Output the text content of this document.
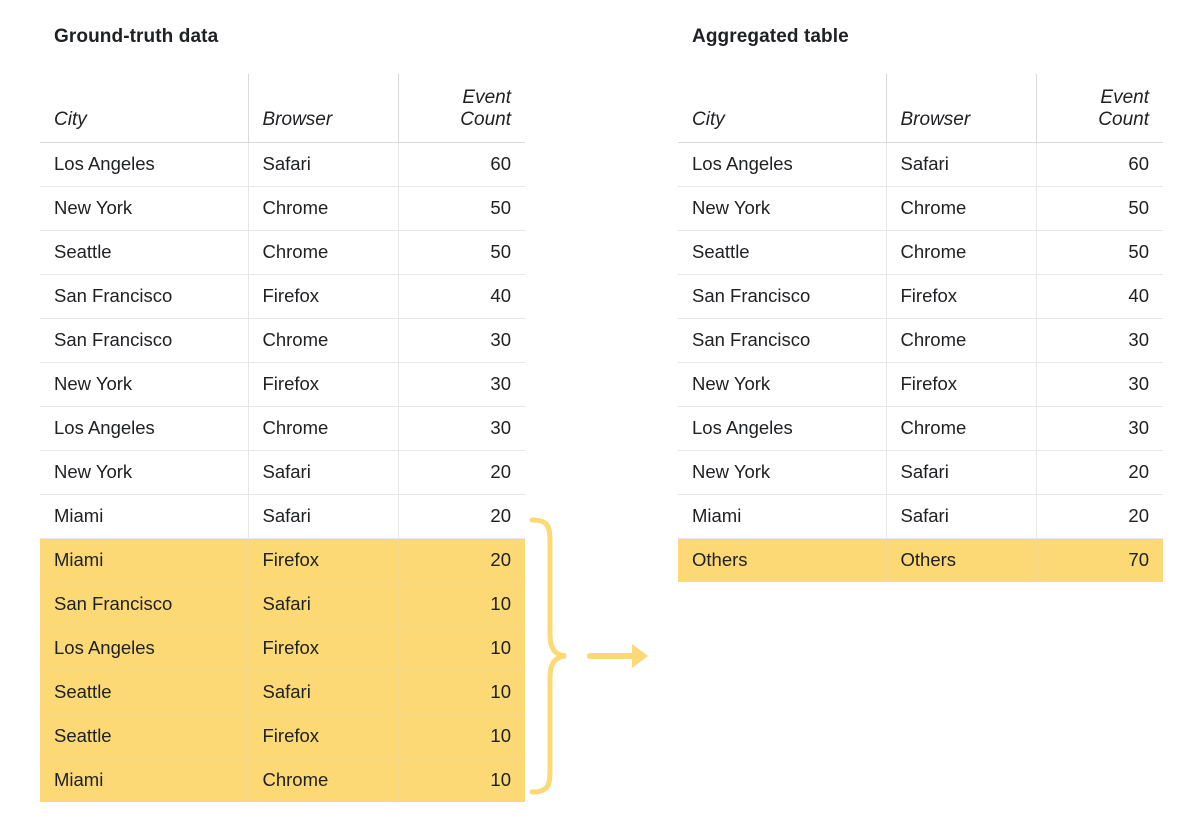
Ground-truth data
City	Browser	Event
Count

Los Angeles	Safari	60
New York	Chrome	50
Seattle	Chrome	50
San Francisco	Firefox	40
San Francisco	Chrome	30
New York	Firefox	30
Los Angeles	Chrome	30
New York	Safari	20
Miami	Safari	20
Miami	Firefox	20
San Francisco	Safari	10
Los Angeles	Firefox	10
Seattle	Safari	10
Seattle	Firefox	10
Miami	Chrome	10
Aggregated table
City	Browser	Event
Count

Los Angeles	Safari	60
New York	Chrome	50
Seattle	Chrome	50
San Francisco	Firefox	40
San Francisco	Chrome	30
New York	Firefox	30
Los Angeles	Chrome	30
New York	Safari	20
Miami	Safari	20
Others	Others	70
